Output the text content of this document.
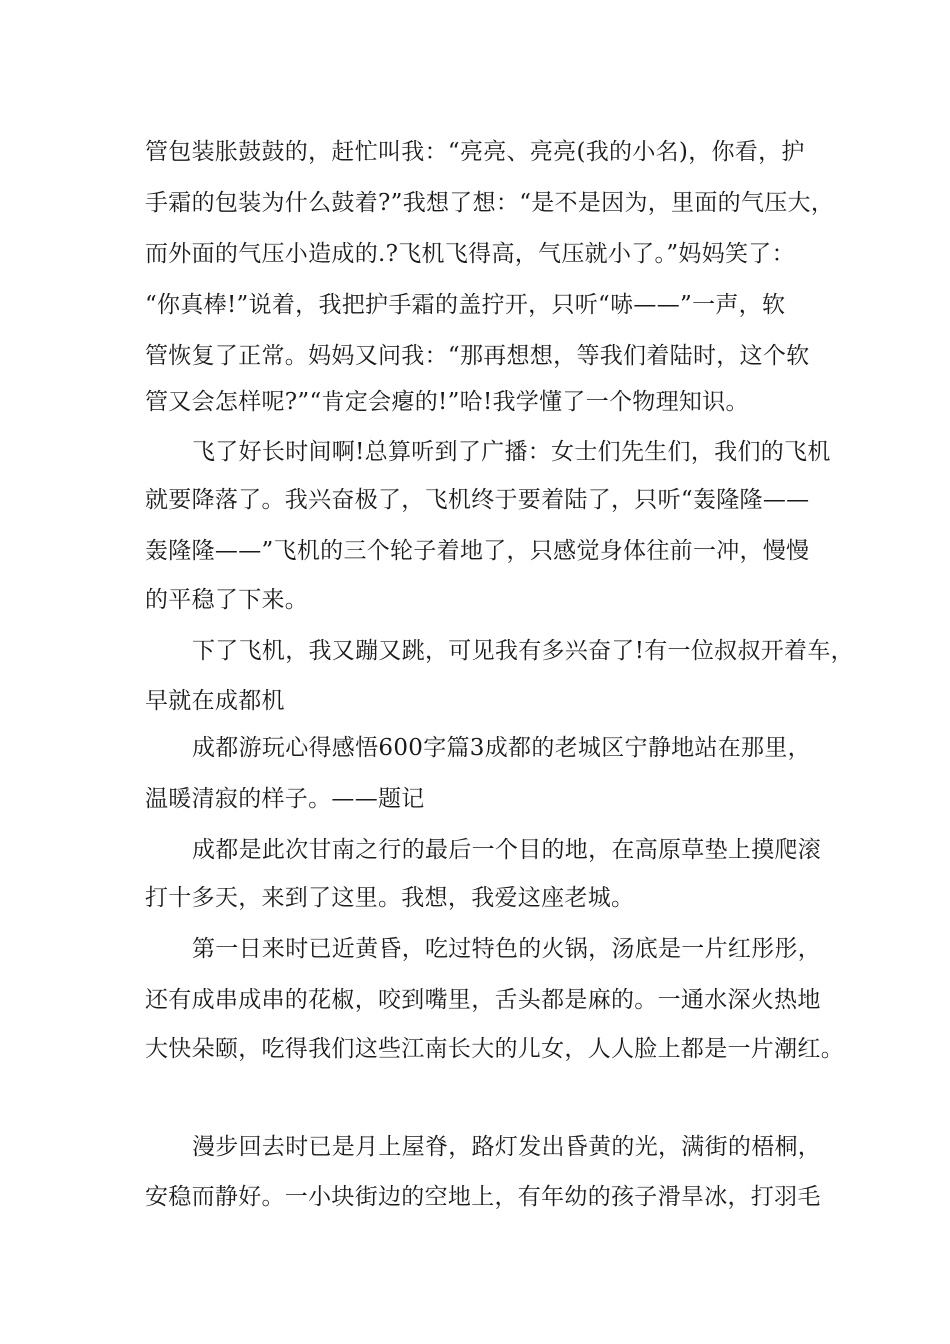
管包装胀鼓鼓的，赶忙叫我：“亮亮、亮亮(我的小名)，你看，护
手霜的包装为什么鼓着?”我想了想：“是不是因为，里面的气压大，
而外面的气压小造成的.?飞机飞得高，气压就小了。”妈妈笑了：
“你真棒!”说着，我把护手霜的盖拧开，只听“哧——”一声，软
管恢复了正常。妈妈又问我：“那再想想，等我们着陆时，这个软
管又会怎样呢?”“肯定会瘪的!”哈!我学懂了一个物理知识。
飞了好长时间啊!总算听到了广播：女士们先生们，我们的飞机
就要降落了。我兴奋极了，飞机终于要着陆了，只听“轰隆隆——
轰隆隆——”飞机的三个轮子着地了，只感觉身体往前一冲，慢慢
的平稳了下来。
下了飞机，我又蹦又跳，可见我有多兴奋了!有一位叔叔开着车，
早就在成都机
成都游玩心得感悟600字篇3成都的老城区宁静地站在那里，
温暖清寂的样子。——题记
成都是此次甘南之行的最后一个目的地，在高原草垫上摸爬滚
打十多天，来到了这里。我想，我爱这座老城。
第一日来时已近黄昏，吃过特色的火锅，汤底是一片红彤彤，
还有成串成串的花椒，咬到嘴里，舌头都是麻的。一通水深火热地
大快朵颐，吃得我们这些江南长大的儿女，人人脸上都是一片潮红。
漫步回去时已是月上屋脊，路灯发出昏黄的光，满街的梧桐，
安稳而静好。一小块街边的空地上，有年幼的孩子滑旱冰，打羽毛
